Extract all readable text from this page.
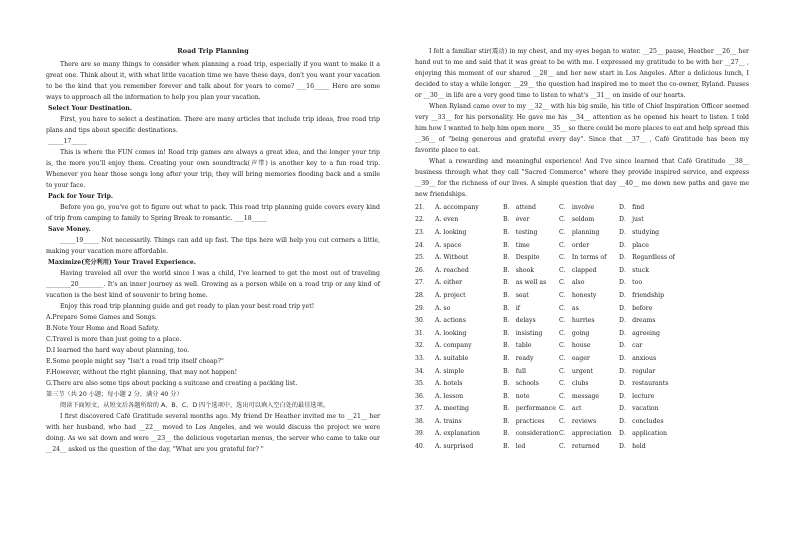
Road Trip Planning

There are so many things to consider when planning a road trip, especially if you want to make it a great one. Think about it, with what little vacation time we have these days, don't you want your vacation to be the kind that you remember forever and talk about for years to come? ___16_____ Here are some ways to approach all the information to help you plan your vacation.

Select Your Destination.

First, you have to select a destination. There are many articles that include trip ideas, free road trip plans and tips about specific destinations.

_____17_____

This is where the FUN comes in! Road trip games are always a great idea, and the longer your trip is, the more you'll enjoy them. Creating your own soundtrack(声带) is another key to a fun road trip. Whenever you hear those songs long after your trip, they will bring memories flooding back and a smile to your face.

Pack for Your Trip.

Before you go, you've got to figure out what to pack. This road trip planning guide covers every kind of trip from camping to family to Spring Break to romantic. ___18_____

Save Money.

_____19_____ Not necessarily. Things can add up fast. The tips here will help you cut corners a little, making your vacation more affordable.

Maximize(充分利用) Your Travel Experience.

Having traveled all over the world since I was a child, I've learned to get the most out of traveling ________20________. It's an inner journey as well. Growing as a person while on a road trip or any kind of vacation is the best kind of souvenir to bring home.

Enjoy this road trip planning guide and get ready to plan your best road trip yet!

A.Prepare Some Games and Songs.

B.Note Your Home and Road Safety.

C.Travel is more than just going to a place.

D.I learned the hard way about planning, too.

E.Some people might say "Isn't a road trip itself cheap?"

F.However, without the right planning, that may not happen!

G.There are also some tips about packing a suitcase and creating a packing list.

第三节（共 20 小题；每小题 2 分，满分 40 分）

阅读下面短文，从短文后各题所给的 A、B、C、D 四个选项中，选出可以填入空白处的最佳选项。

I first discovered Café Gratitude several months ago. My friend Dr Heather invited me to __21__ her with her husband, who had __22__ moved to Los Angeles, and we would discuss the project we were doing. As we sat down and were __23__ the delicious vegetarian menus, the server who came to take our __24__ asked us the question of the day, "What are you grateful for? "

I felt a familiar stir(震动) in my chest, and my eyes began to water. __25__ pause, Heather __26__ her hand out to me and said that it was great to be with me. I expressed my gratitude to be with her __27__ , enjoying this moment of our shared __28__ and her new start in Los Angeles. After a delicious lunch, I decided to stay a while longer. __29__ the question had inspired me to meet the co-owner, Ryland. Pauses or __30__ in life are a very good time to listen to what's __31__ on inside of our hearts.

When Ryland came over to my __32__ with his big smile, his title of Chief Inspiration Officer seemed very __33__ for his personality. He gave me his __34__ attention as he opened his heart to listen. I told him how I wanted to help him open more __35__ so there could be more places to eat and help spread this __36__ of "being generous and grateful every day". Since that __37__ , Café Gratitude has been my favorite place to eat.

What a rewarding and meaningful experience! And I've since learned that Café Gratitude __38__ business through what they call "Sacred Commerce" where they provide inspired service, and express __39__ for the richness of our lives. A simple question that day __40__ me down new paths and gave me new friendships.

21．	A. accompany	B． attend	C． involve	D． find
22．	A. even	B． ever	C． seldom	D． just
23．	A. looking	B． testing	C． planning	D． studying
24．	A. space	B． time	C． order	D． place
25．	A. Without	B． Despite	C． In terms of	D． Regardless of
26．	A. reached	B． shook	C． clapped	D． stuck
27．	A. either	B． as well as	C． also	D． too
28．	A. project	B． seat	C． honesty	D． friendship
29．	A. so	B． if	C． as	D． before
30．	A. actions	B． delays	C． hurries	D． dreams
31．	A. looking	B． insisting	C． going	D． agreeing
32．	A. company	B． table	C． house	D． car
33．	A. suitable	B． ready	C． eager	D． anxious
34．	A. simple	B． full	C． urgent	D． regular
35．	A. hotels	B． schools	C． clubs	D． restaurants
36．	A. lesson	B． note	C． message	D． lecture
37．	A. meeting	B． performance	C． act	D． vacation
38．	A. trains	B． practices	C． reviews	D． concludes
39．	A. explanation	B． consideration	C． appreciation	D． application
40．	A. surprised	B． led	C． returned	D． held
